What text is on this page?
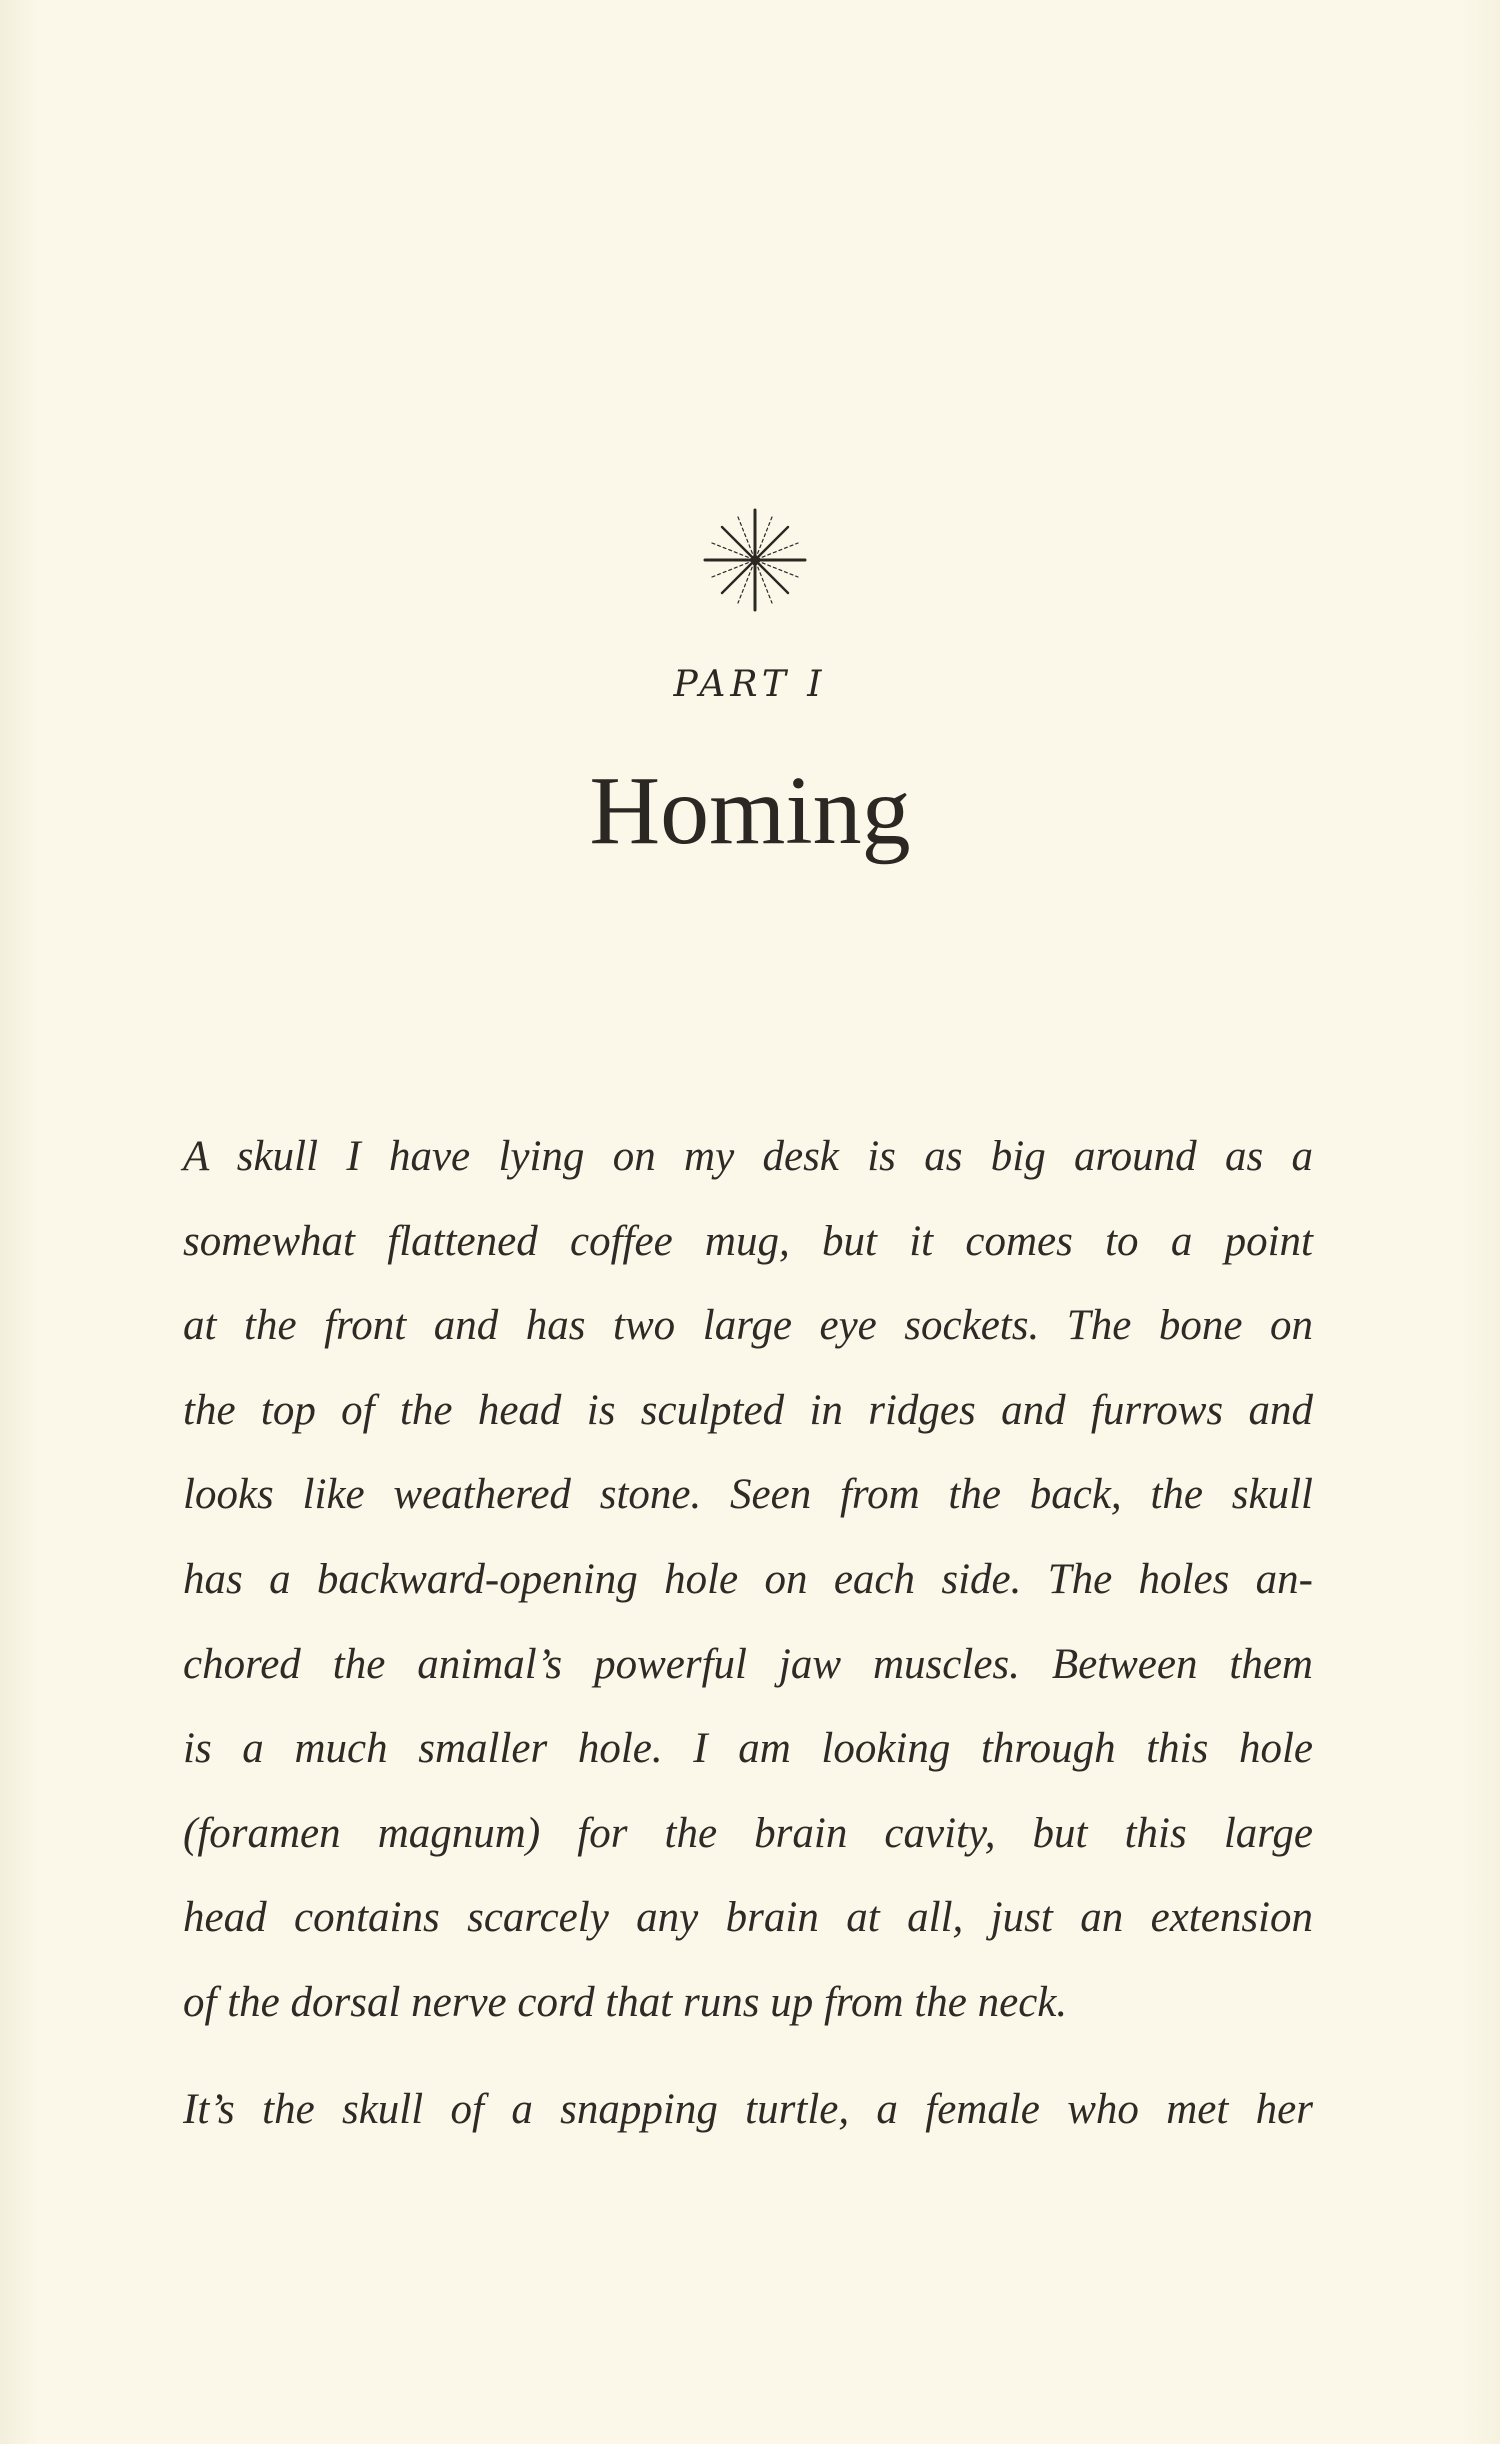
PART I
Homing
A skull I have lying on my desk is as big around as a
somewhat flattened coffee mug, but it comes to a point
at the front and has two large eye sockets. The bone on
the top of the head is sculpted in ridges and furrows and
looks like weathered stone. Seen from the back, the skull
has a backward-opening hole on each side. The holes an-
chored the animal’s powerful jaw muscles. Between them
is a much smaller hole. I am looking through this hole
(foramen magnum) for the brain cavity, but this large
head contains scarcely any brain at all, just an extension
of the dorsal nerve cord that runs up from the neck.
It’s the skull of a snapping turtle, a female who met her
